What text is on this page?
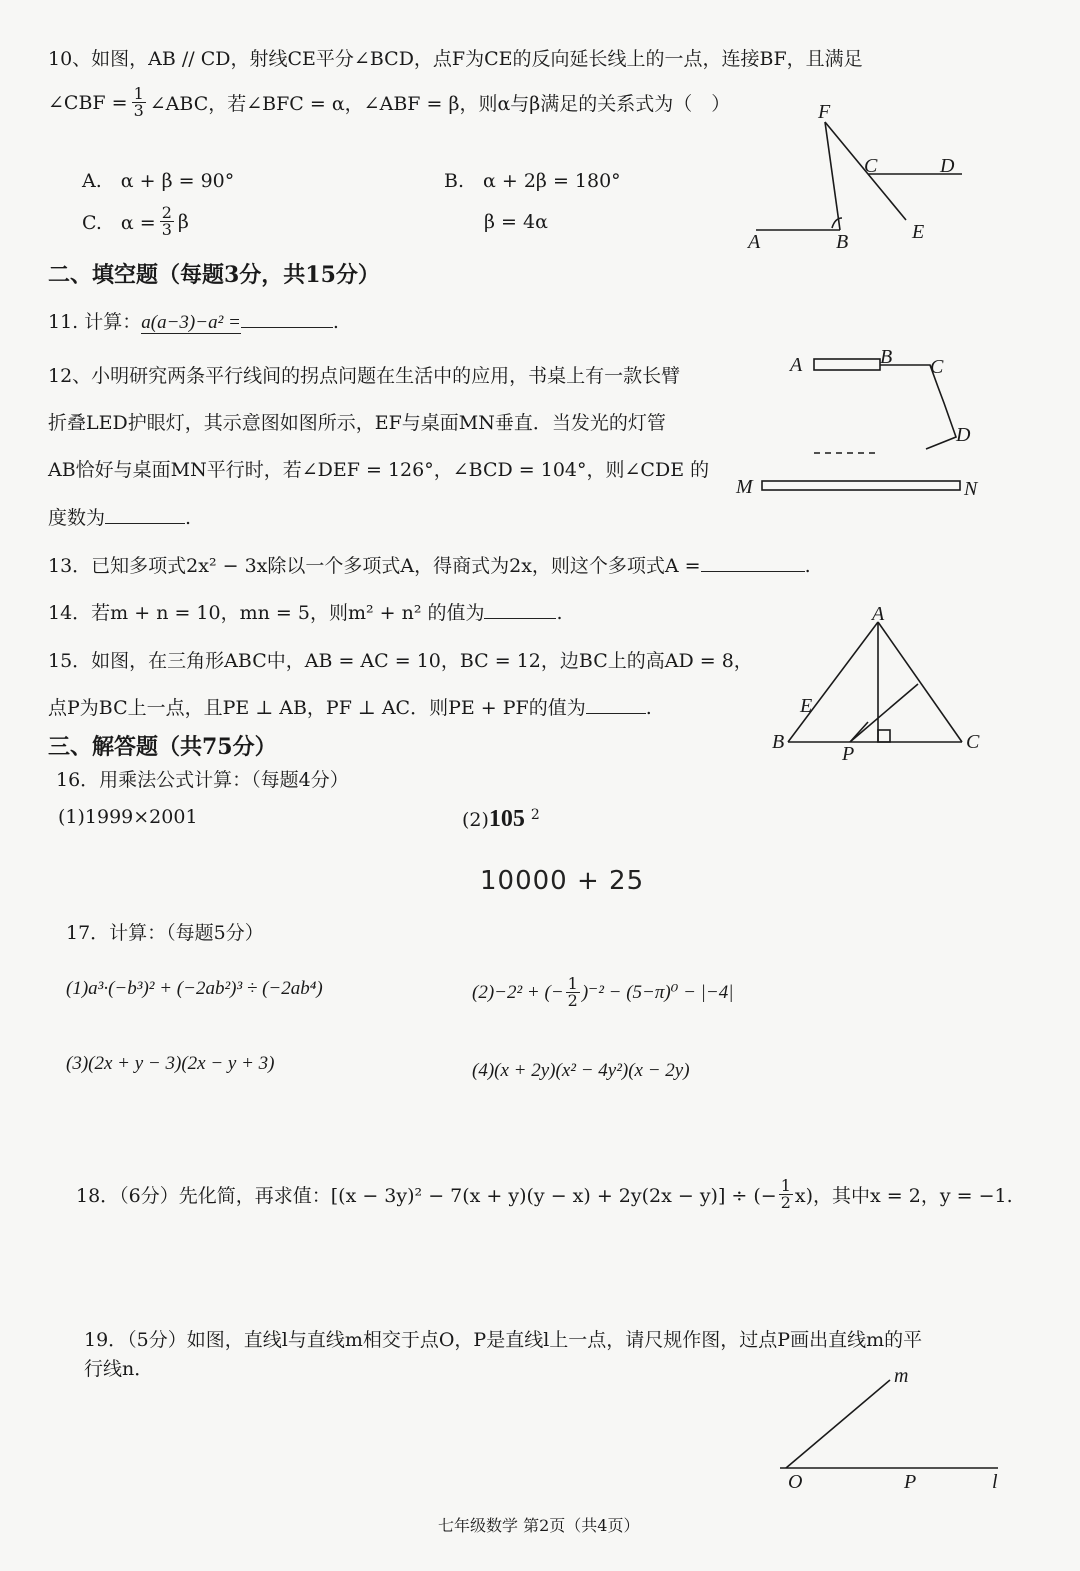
10、如图，AB // CD，射线CE平分∠BCD，点F为CE的反向延长线上的一点，连接BF，且满足
∠CBF = $\frac{1}{3}$ ∠ABC，若∠BFC = α，∠ABF = β，则α与β满足的关系式为（　）
A.　α + β = 90°	B.　α + 2β = 180°
C.　$\alpha = \frac{2}{3}$ β	β = 4α
F
C	D
A	B	E
二、填空题（每题3分，共15分）
11. 计算：a(a−3)−a² =	.
12、小明研究两条平行线间的拐点问题在生活中的应用，书桌上有一款长臂
折叠LED护眼灯，其示意图如图所示，EF与桌面MN垂直．当发光的灯管
AB恰好与桌面MN平行时，若∠DEF = 126°，∠BCD = 104°，则∠CDE 的
度数为	.
A	B C
D
M	N
13．已知多项式2x² − 3x除以一个多项式A，得商式为2x，则这个多项式A =	.
14．若m + n = 10，mn = 5，则m² + n² 的值为	.
15．如图，在三角形ABC中，AB = AC = 10，BC = 12，边BC上的高AD = 8，
点P为BC上一点，且PE ⊥ AB，PF ⊥ AC．则PE + PF的值为	.
A
B	C
E
P
三、解答题（共75分）
16．用乘法公式计算：（每题4分）
(1)1999×2001	(2)105 $^2$
10000 + 25
17．计算：（每题5分）
(1)a³·(−b³)² + (−2ab²)³ ÷ (−2ab⁴)	(2)−2² + (− $\frac{1}{2} )^{-2} - (5-\pi)^0 - |-4|$
(3)(2x + y − 3)(2x − y + 3)	(4)(x + 2y)(x² − 4y²)(x − 2y)
18．（6分）先化简，再求值：[(x − 3y)² − 7(x + y)(y − x) + 2y(2x − y)] ÷ (− $\frac{1}{2} x$)，其中x = 2，y = −1.
19．（5分）如图，直线l与直线m相交于点O，P是直线l上一点，请尺规作图，过点P画出直线m的平
行线n．	m
O	P	l
七年级数学 第2页（共4页）
